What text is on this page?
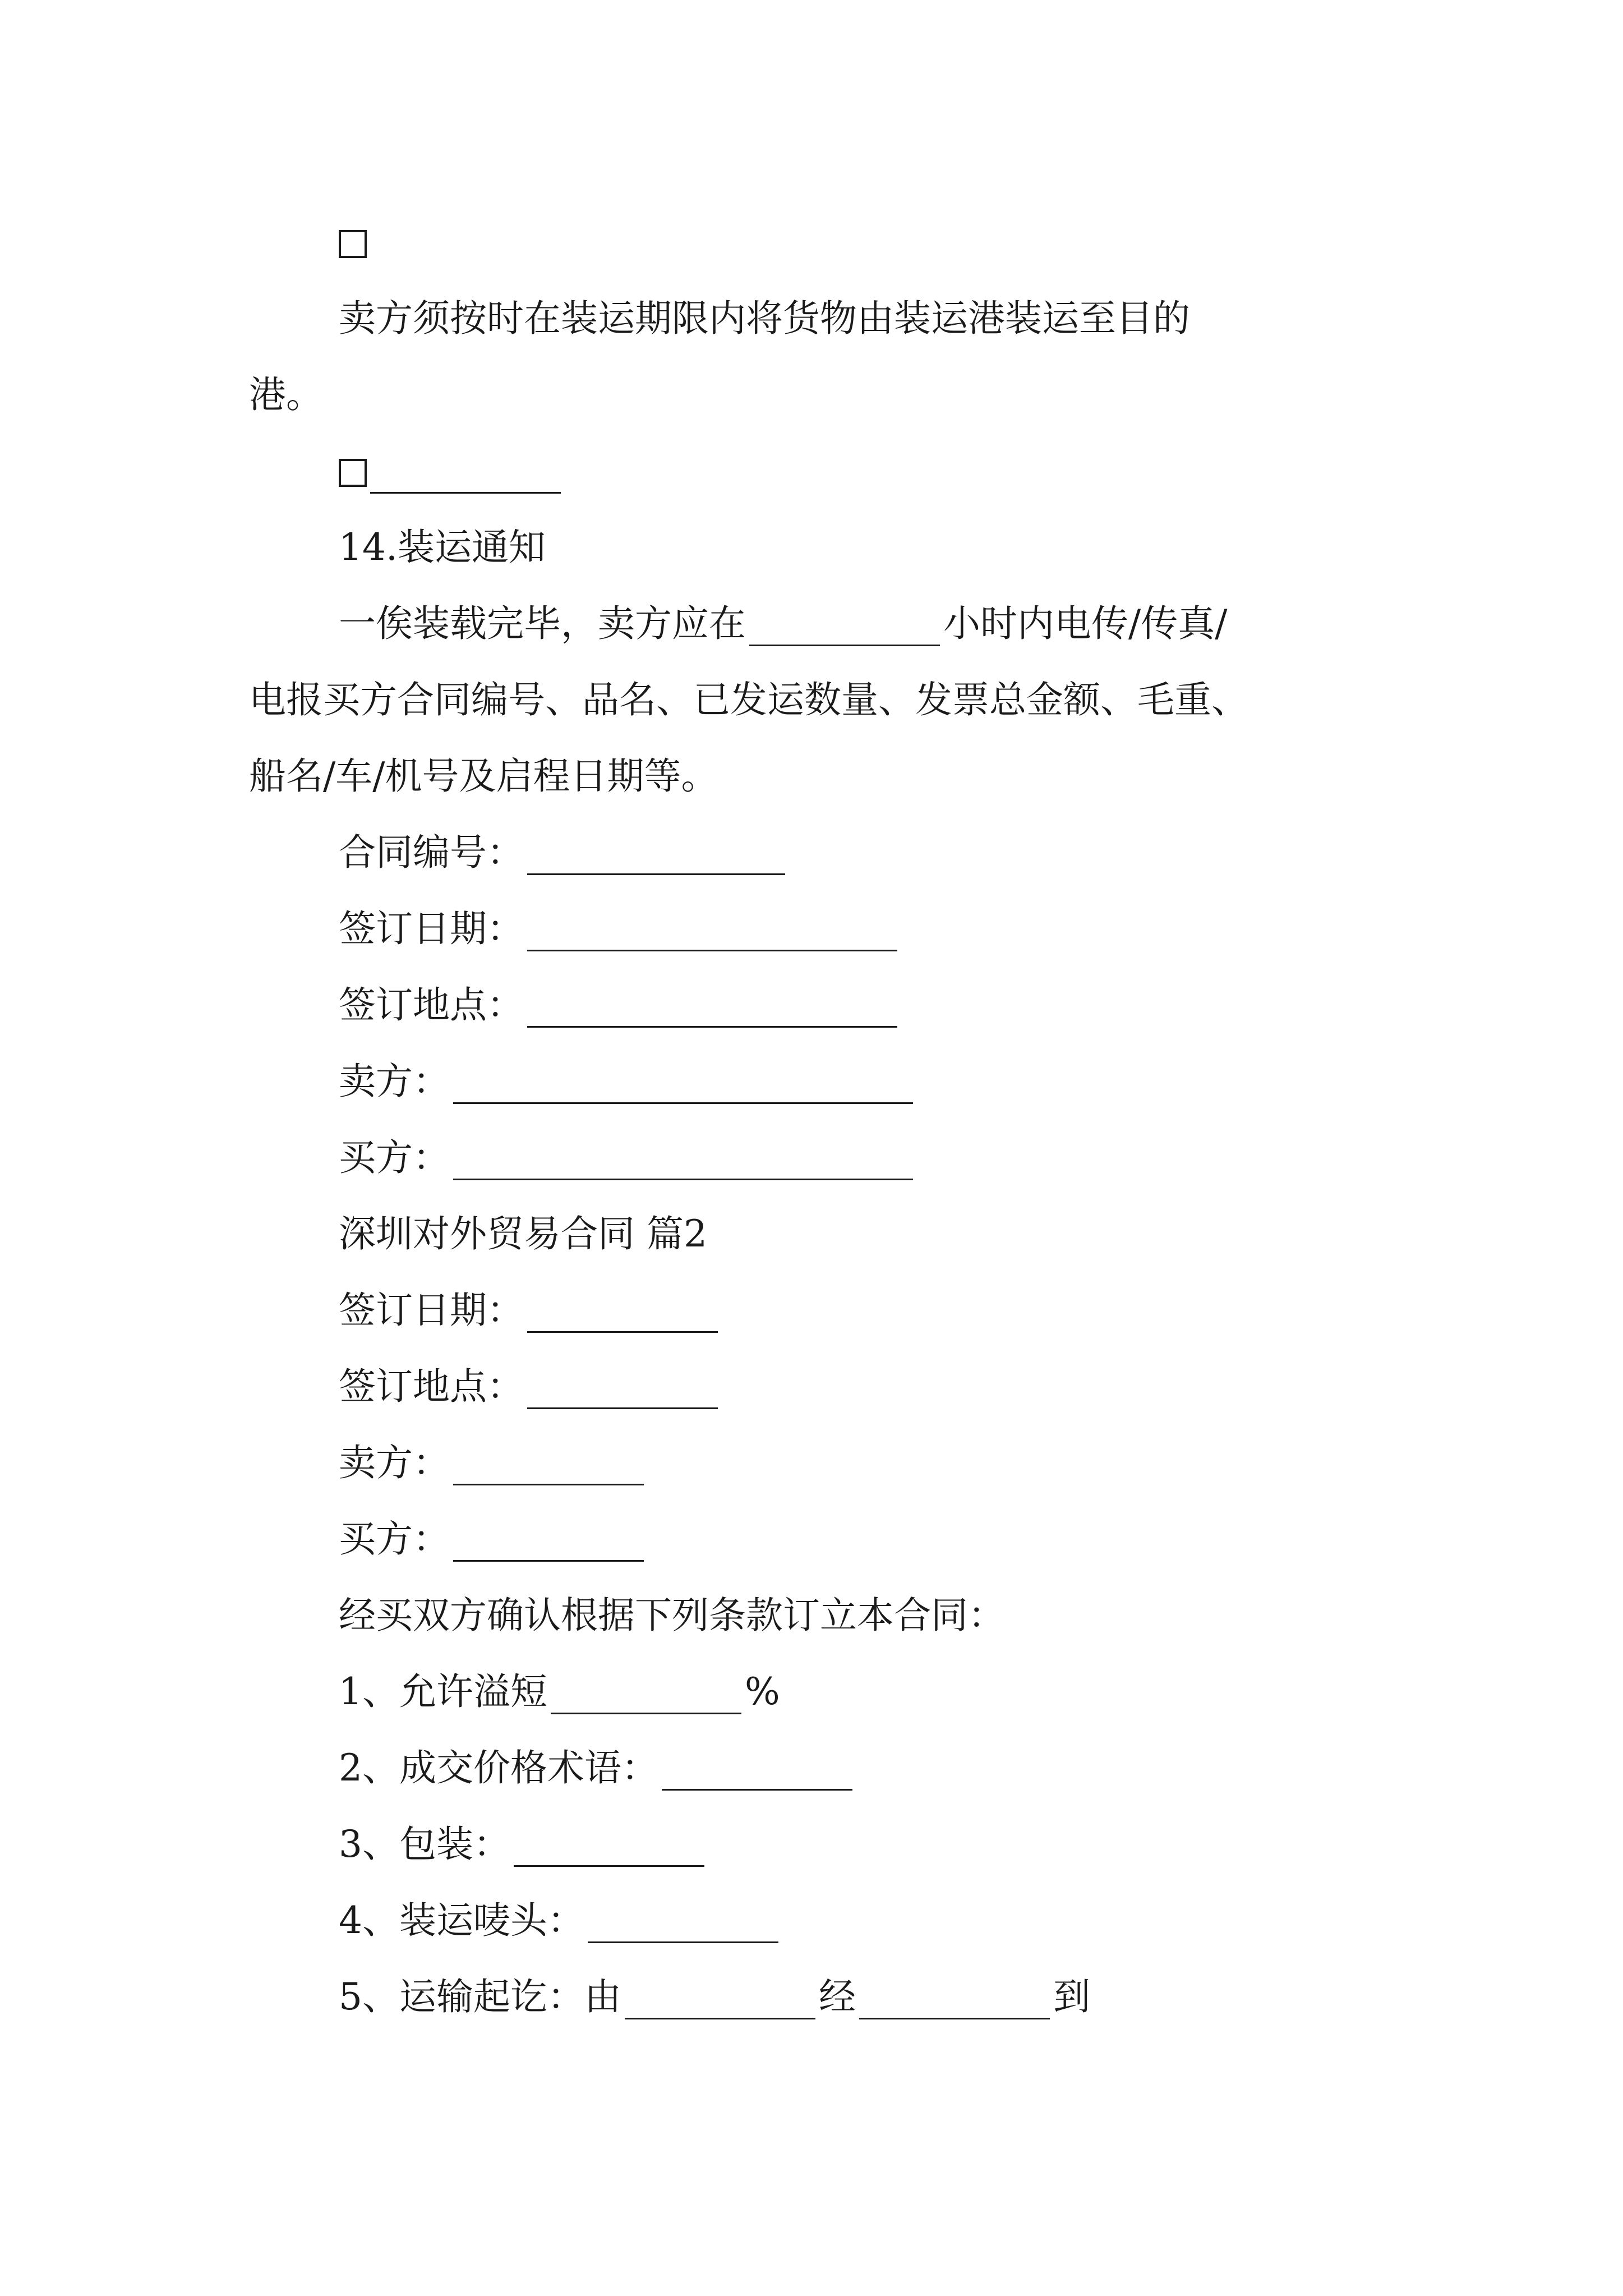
卖方须按时在装运期限内将货物由装运港装运至目的
港。
14.装运通知
一俟装载完毕，卖方应在	小时内电传/传真/
电报买方合同编号、品名、已发运数量、发票总金额、毛重、
船名/车/机号及启程日期等。
合同编号：
签订日期：
签订地点：
卖方：
买方：
深圳对外贸易合同 篇2
签订日期：
签订地点：
卖方：
买方：
经买双方确认根据下列条款订立本合同：
1、允许溢短	%
2、成交价格术语：
3、包装：
4、装运唛头：
5、运输起讫：由	经	到
